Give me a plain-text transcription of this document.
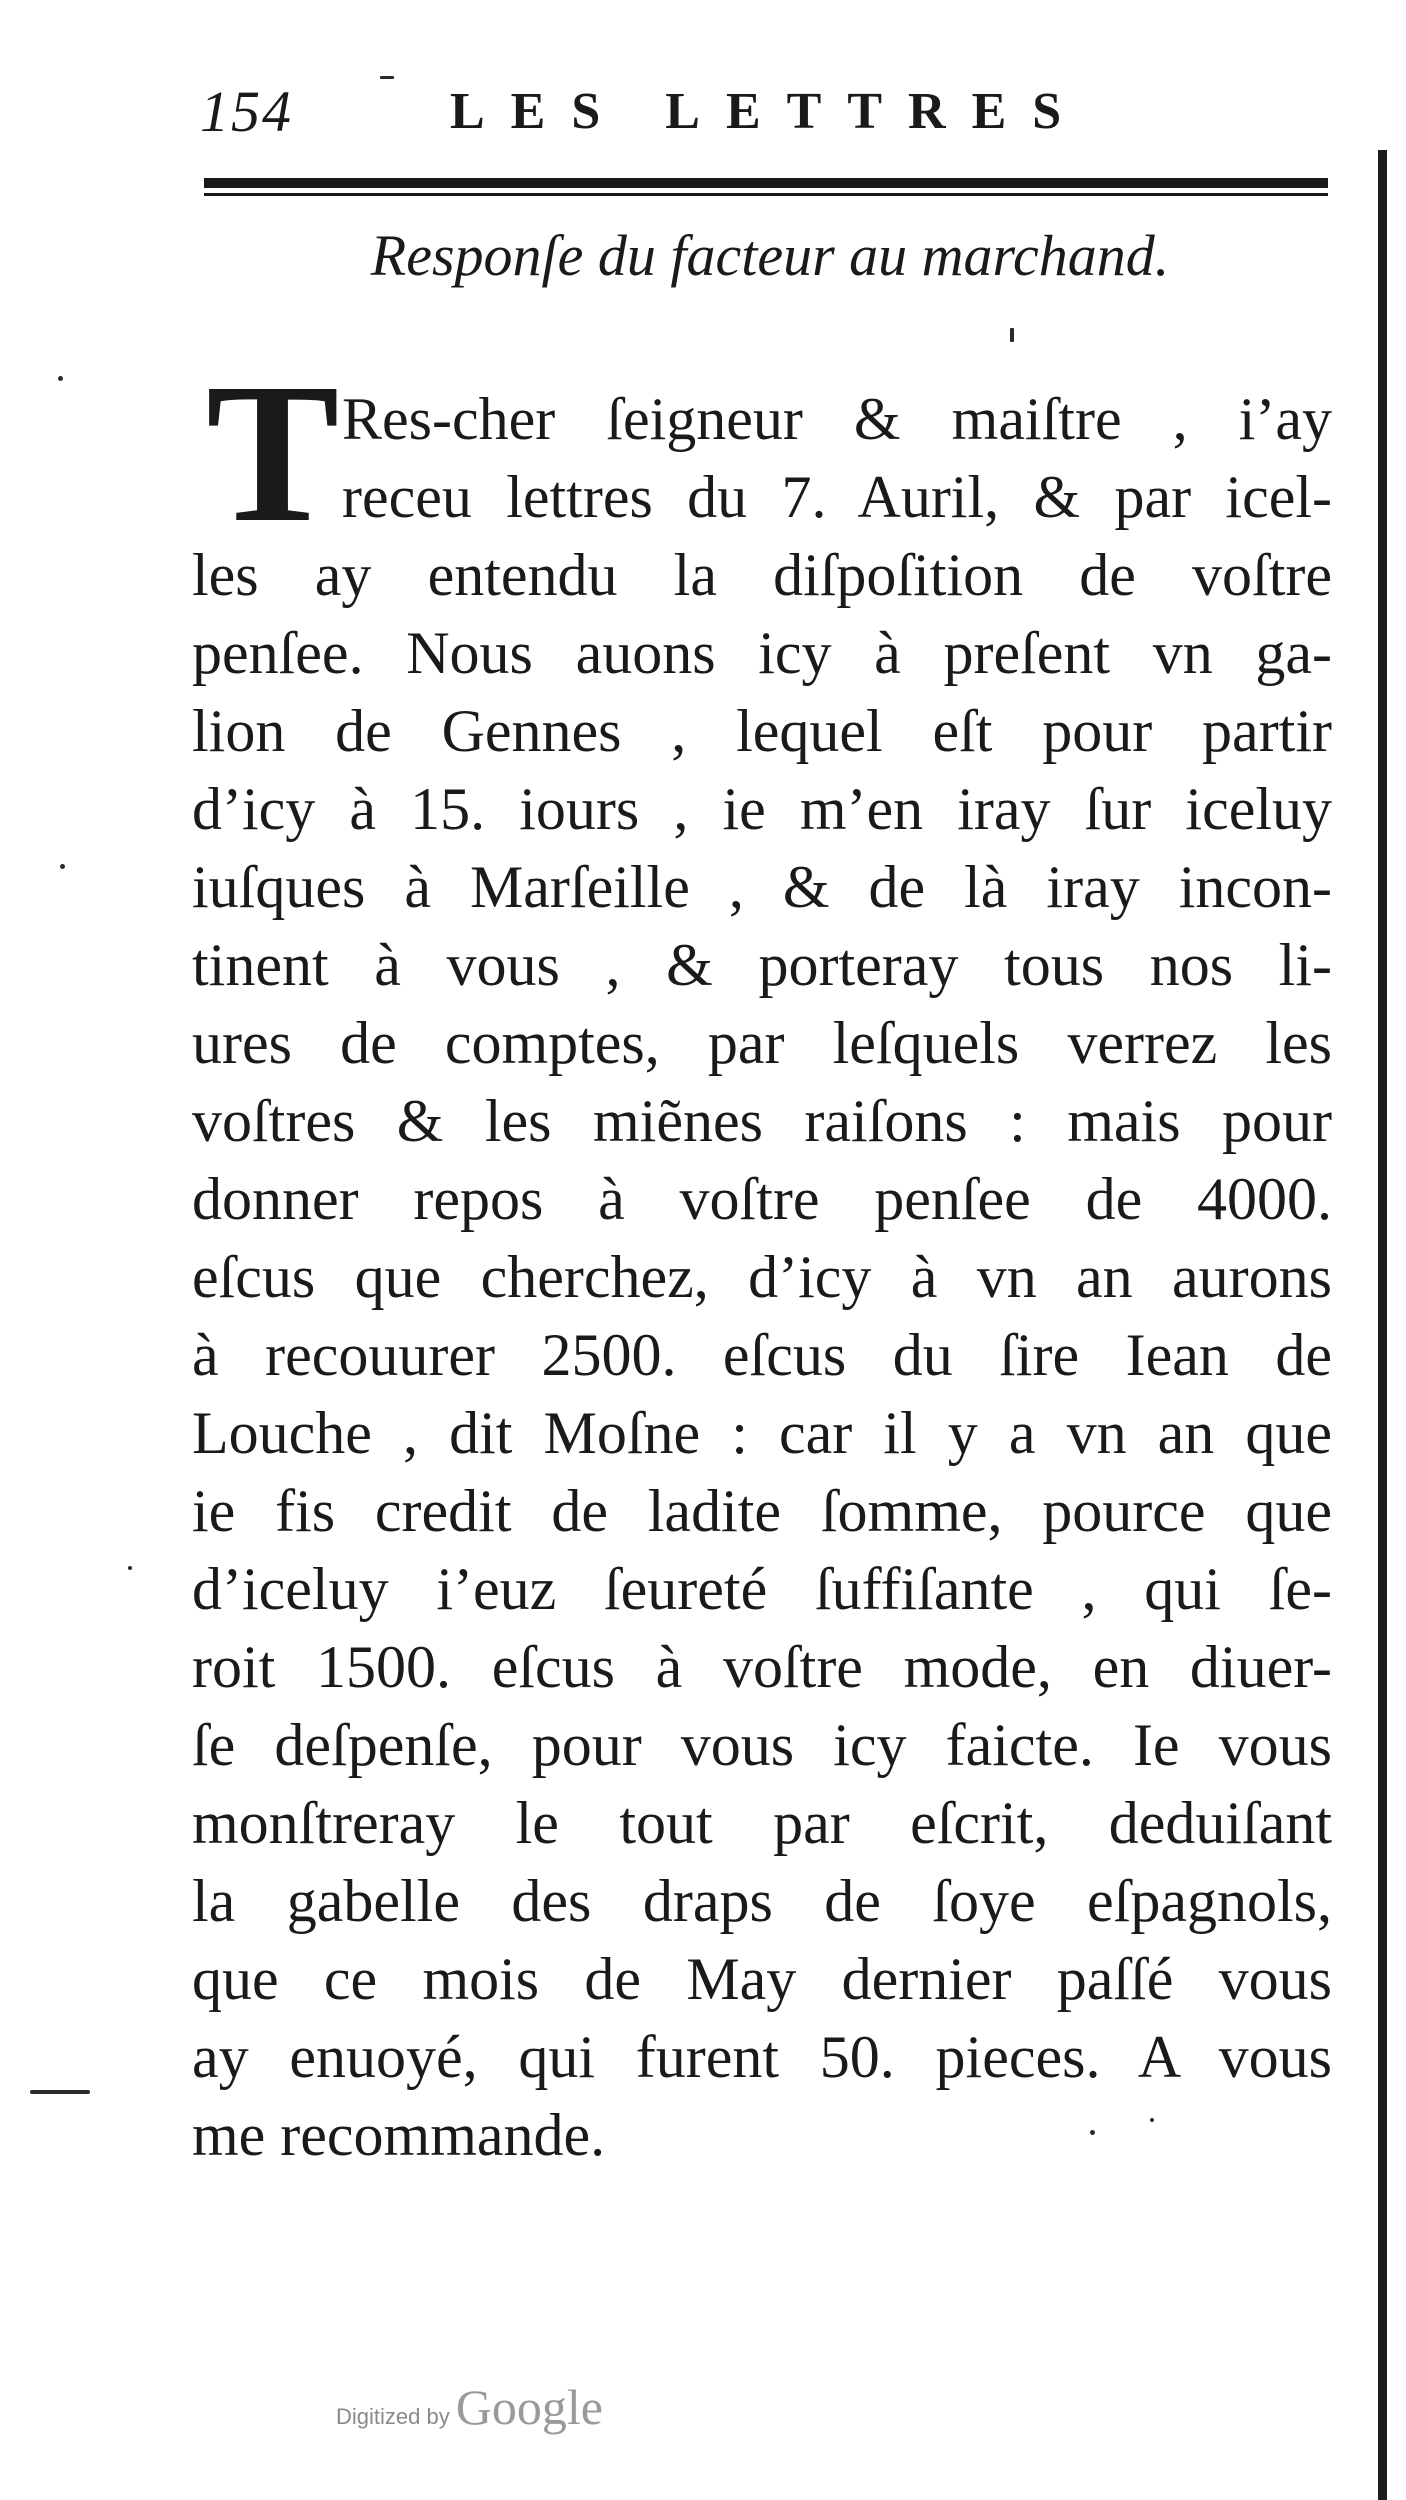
154	LES LETTRES
Responſe du facteur au marchand.
T Res-cher ſeigneur & maiſtre , i’ay
receu lettres du 7. Auril, & par icel-
les ay entendu la diſpoſition de voſtre
penſee. Nous auons icy à preſent vn ga-
lion de Gennes , lequel eſt pour partir
d’icy à 15. iours , ie m’en iray ſur iceluy
iuſques à Marſeille , & de là iray incon-
tinent à vous , & porteray tous nos li-
ures de comptes, par leſquels verrez les
voſtres & les miẽnes raiſons : mais pour
donner repos à voſtre penſee de 4000.
eſcus que cherchez, d’icy à vn an aurons
à recouurer 2500. eſcus du ſire Iean de
Louche , dit Moſne : car il y a vn an que
ie fis credit de ladite ſomme, pource que
d’iceluy i’euz ſeureté ſuffiſante , qui ſe-
roit 1500. eſcus à voſtre mode, en diuer-
ſe deſpenſe, pour vous icy faicte. Ie vous
monſtreray le tout par eſcrit, deduiſant
la gabelle des draps de ſoye eſpagnols,
que ce mois de May dernier paſſé vous
ay enuoyé, qui furent 50. pieces. A vous
me recommande.
Digitized by Google
